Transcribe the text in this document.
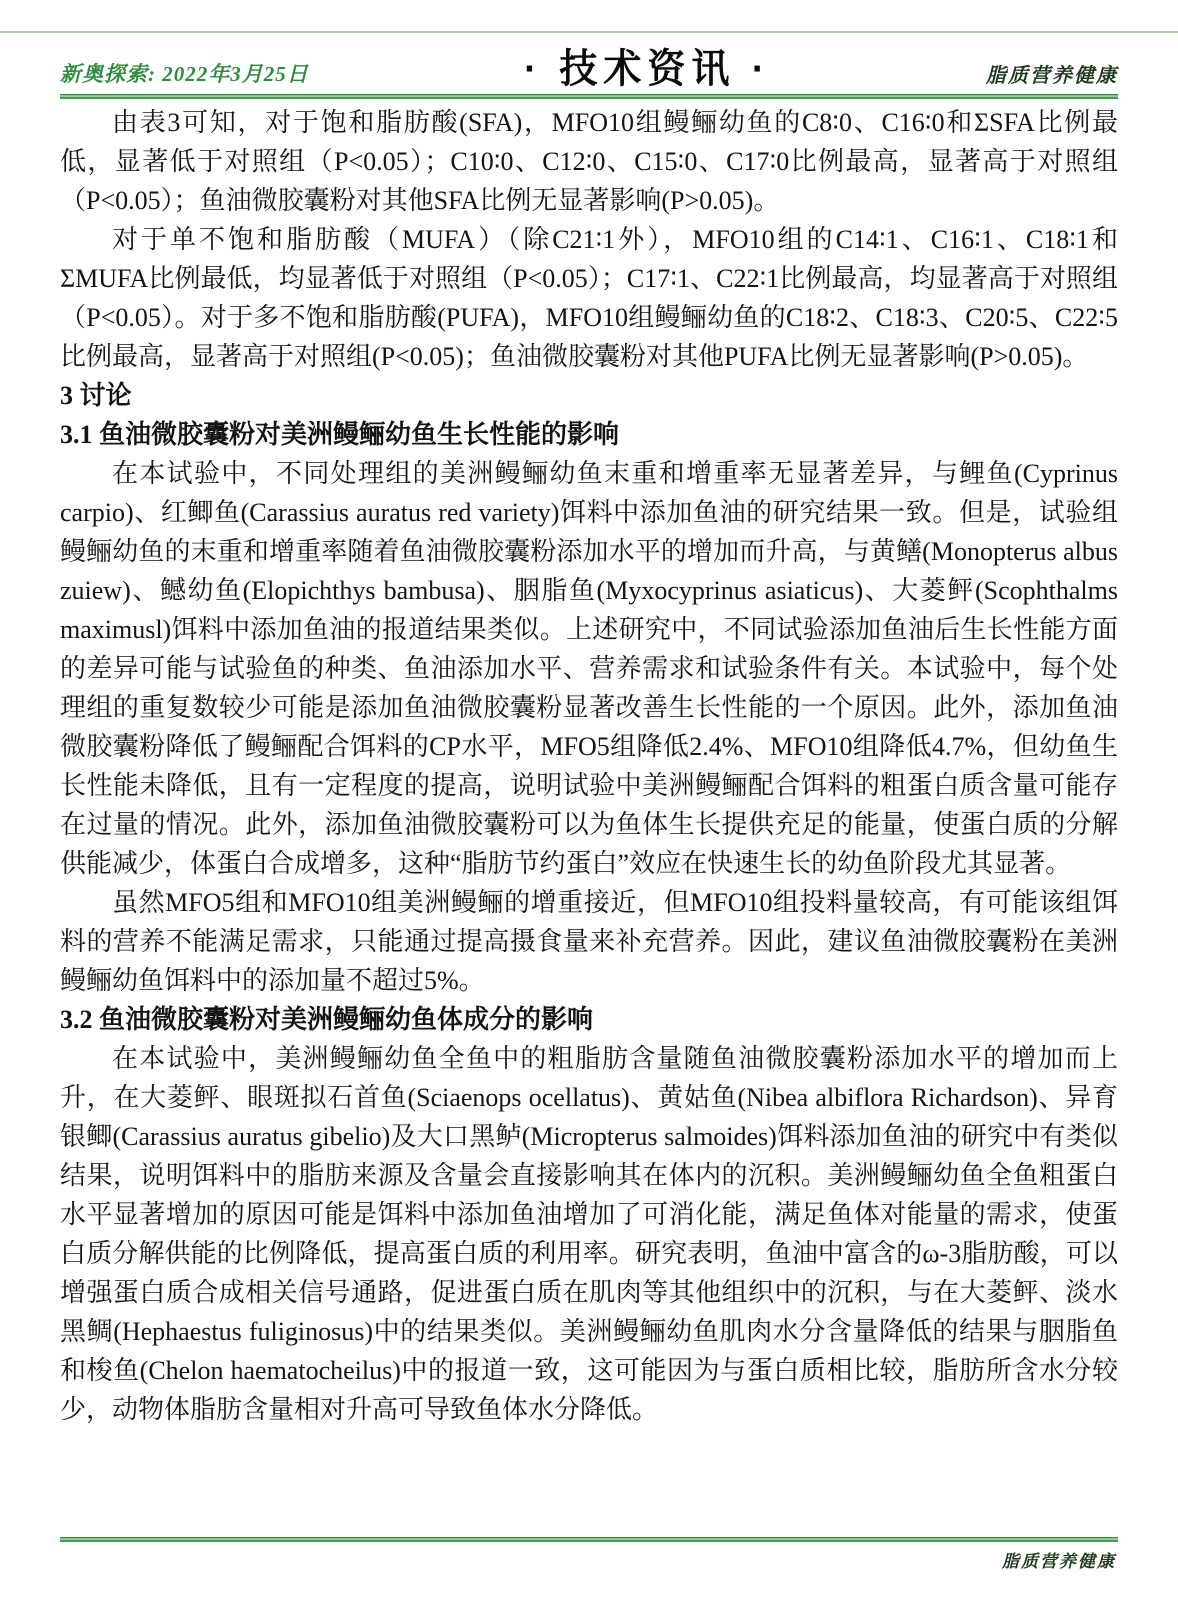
新奥探索: 2022年3月25日	· 技术资讯 ·	脂质营养健康

由表3可知，对于饱和脂肪酸(SFA)，MFO10组鳗鲡幼鱼的C8∶0、C16∶0和ΣSFA比例最低，显著低于对照组（P<0.05）；C10∶0、C12∶0、C15∶0、C17∶0比例最高，显著高于对照组（P<0.05）；鱼油微胶囊粉对其他SFA比例无显著影响(P>0.05)。

对于单不饱和脂肪酸（MUFA）（除C21∶1外），MFO10组的C14∶1、C16∶1、C18∶1和ΣMUFA比例最低，均显著低于对照组（P<0.05）；C17∶1、C22∶1比例最高，均显著高于对照组（P<0.05）。对于多不饱和脂肪酸(PUFA)，MFO10组鳗鲡幼鱼的C18∶2、C18∶3、C20∶5、C22∶5比例最高，显著高于对照组(P<0.05)；鱼油微胶囊粉对其他PUFA比例无显著影响(P>0.05)。

3 讨论

3.1 鱼油微胶囊粉对美洲鳗鲡幼鱼生长性能的影响

在本试验中，不同处理组的美洲鳗鲡幼鱼末重和增重率无显著差异，与鲤鱼(Cyprinus carpio)、红鲫鱼(Carassius auratus red variety)饵料中添加鱼油的研究结果一致。但是，试验组鳗鲡幼鱼的末重和增重率随着鱼油微胶囊粉添加水平的增加而升高，与黄鳝(Monopterus albus zuiew)、鳡幼鱼(Elopichthys bambusa)、胭脂鱼(Myxocyprinus asiaticus)、大菱鲆(Scophthalms maximusl)饵料中添加鱼油的报道结果类似。上述研究中，不同试验添加鱼油后生长性能方面的差异可能与试验鱼的种类、鱼油添加水平、营养需求和试验条件有关。本试验中，每个处理组的重复数较少可能是添加鱼油微胶囊粉显著改善生长性能的一个原因。此外，添加鱼油微胶囊粉降低了鳗鲡配合饵料的CP水平，MFO5组降低2.4%、MFO10组降低4.7%，但幼鱼生长性能未降低，且有一定程度的提高，说明试验中美洲鳗鲡配合饵料的粗蛋白质含量可能存在过量的情况。此外，添加鱼油微胶囊粉可以为鱼体生长提供充足的能量，使蛋白质的分解供能减少，体蛋白合成增多，这种“脂肪节约蛋白”效应在快速生长的幼鱼阶段尤其显著。

虽然MFO5组和MFO10组美洲鳗鲡的增重接近，但MFO10组投料量较高，有可能该组饵料的营养不能满足需求，只能通过提高摄食量来补充营养。因此，建议鱼油微胶囊粉在美洲鳗鲡幼鱼饵料中的添加量不超过5%。

3.2 鱼油微胶囊粉对美洲鳗鲡幼鱼体成分的影响

在本试验中，美洲鳗鲡幼鱼全鱼中的粗脂肪含量随鱼油微胶囊粉添加水平的增加而上升，在大菱鲆、眼斑拟石首鱼(Sciaenops ocellatus)、黄姑鱼(Nibea albiflora Richardson)、异育银鲫(Carassius auratus gibelio)及大口黑鲈(Micropterus salmoides)饵料添加鱼油的研究中有类似结果，说明饵料中的脂肪来源及含量会直接影响其在体内的沉积。美洲鳗鲡幼鱼全鱼粗蛋白水平显著增加的原因可能是饵料中添加鱼油增加了可消化能，满足鱼体对能量的需求，使蛋白质分解供能的比例降低，提高蛋白质的利用率。研究表明，鱼油中富含的ω-3脂肪酸，可以增强蛋白质合成相关信号通路，促进蛋白质在肌肉等其他组织中的沉积，与在大菱鲆、淡水黑鲷(Hephaestus fuliginosus)中的结果类似。美洲鳗鲡幼鱼肌肉水分含量降低的结果与胭脂鱼和梭鱼(Chelon haematocheilus)中的报道一致，这可能因为与蛋白质相比较，脂肪所含水分较少，动物体脂肪含量相对升高可导致鱼体水分降低。

脂质营养健康
